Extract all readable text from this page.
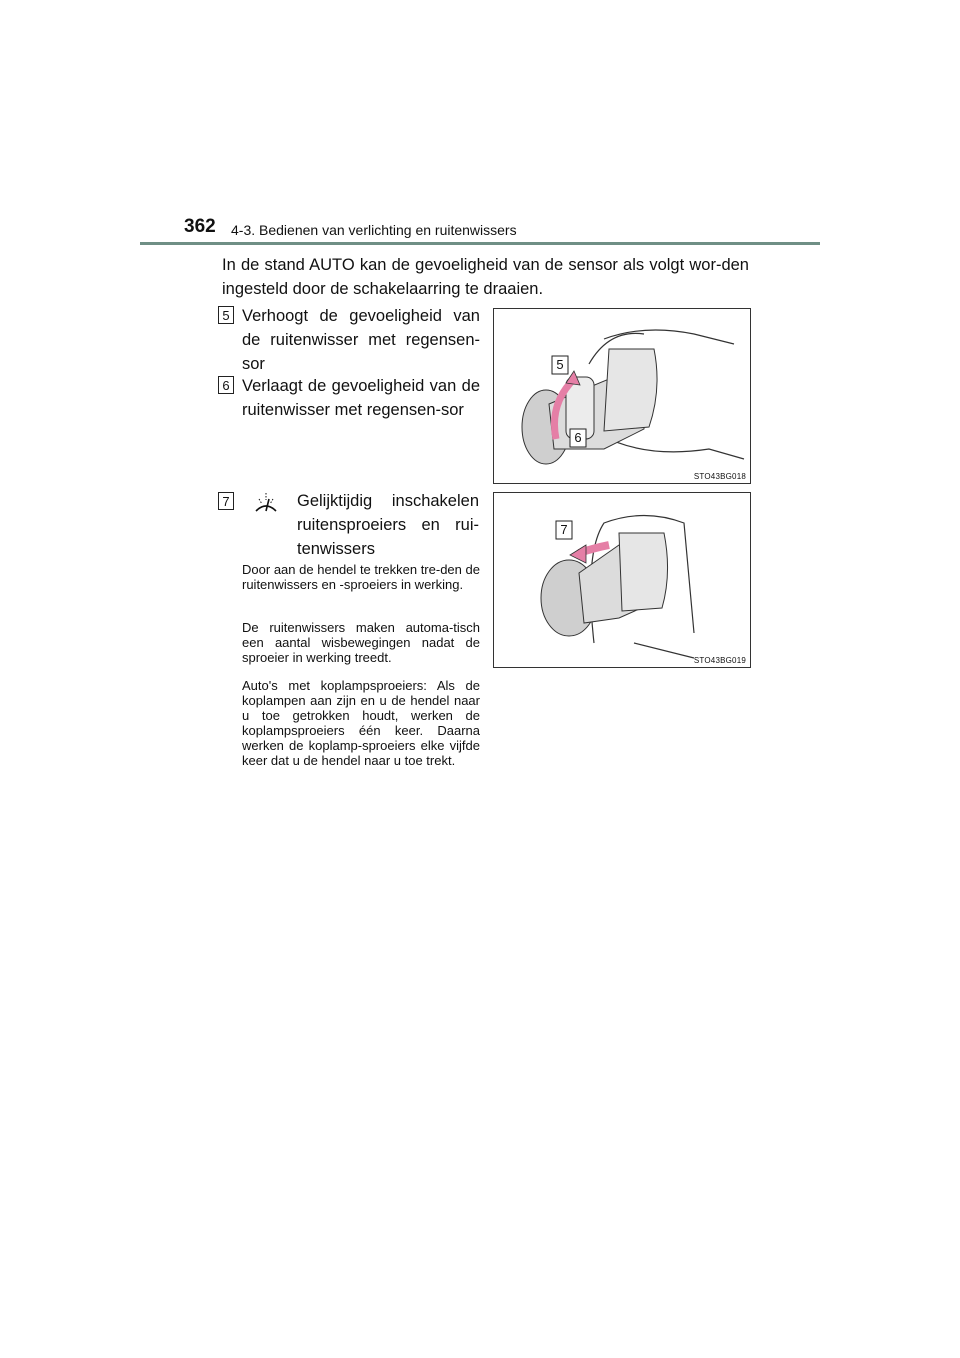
362 4-3. Bedienen van verlichting en ruitenwissers
In de stand AUTO kan de gevoeligheid van de sensor als volgt wor-den ingesteld door de schakelaarring te draaien.
5 Verhoogt de gevoeligheid van de ruitenwisser met regensen-sor
6 Verlaagt de gevoeligheid van de ruitenwisser met regensen-sor
7	Gelijktijdig inschakelen ruitensproeiers en rui-tenwissers
Door aan de hendel te trekken tre-den de ruitenwissers en -sproeiers in werking.
De ruitenwissers maken automa-tisch een aantal wisbewegingen nadat de sproeier in werking treedt.
Auto's met koplampsproeiers: Als de koplampen aan zijn en u de hendel naar u toe getrokken houdt, werken de koplampsproeiers één keer. Daarna werken de koplamp-sproeiers elke vijfde keer dat u de hendel naar u toe trekt.
5
6
STO43BG018
7
STO43BG019
